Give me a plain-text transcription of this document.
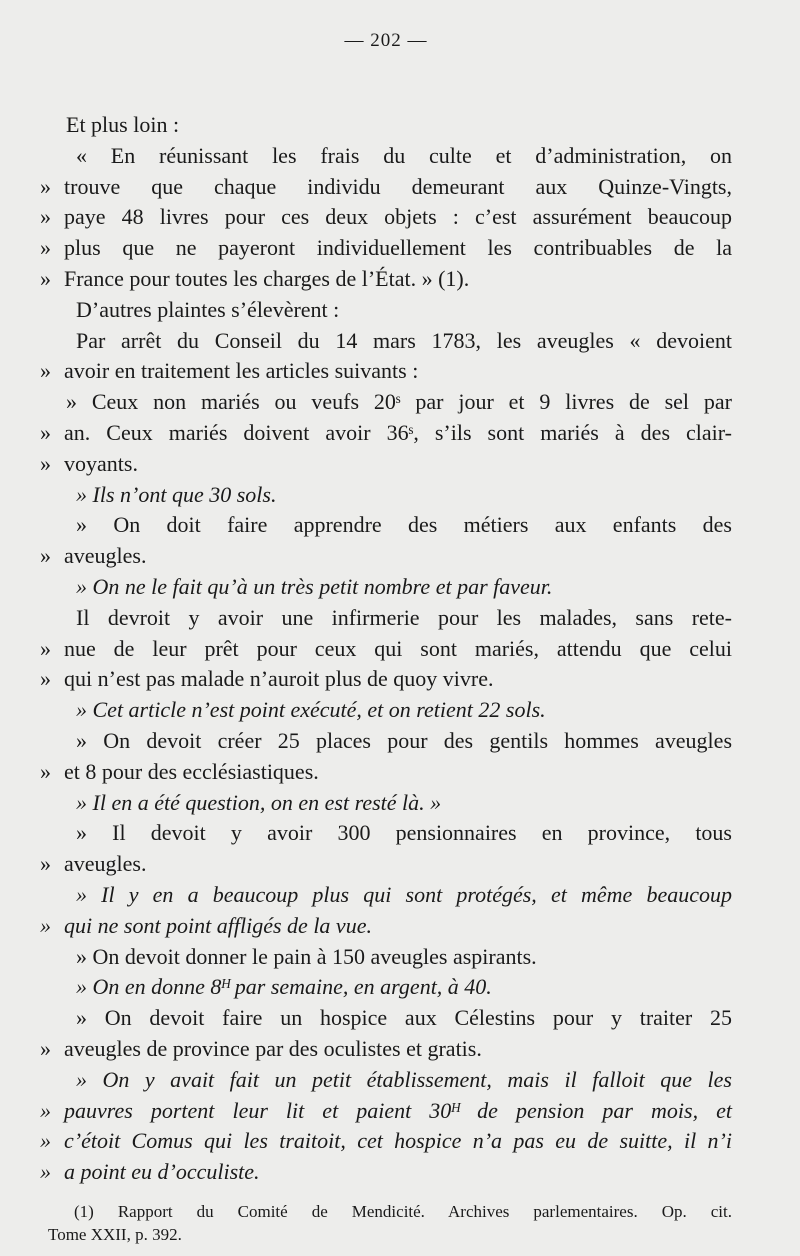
— 202 —
Et plus loin :
« En réunissant les frais du culte et d’administration, on
» trouve que chaque individu demeurant aux Quinze-Vingts,
» paye 48 livres pour ces deux objets : c’est assurément beaucoup
» plus que ne payeront individuellement les contribuables de la
» France pour toutes les charges de l’État. » (1).
D’autres plaintes s’élevèrent :
Par arrêt du Conseil du 14 mars 1783, les aveugles « devoient
» avoir en traitement les articles suivants :
» Ceux non mariés ou veufs 20ˢ par jour et 9 livres de sel par
» an. Ceux mariés doivent avoir 36ˢ, s’ils sont mariés à des clair-
» voyants.
» Ils n’ont que 30 sols.
» On doit faire apprendre des métiers aux enfants des
» aveugles.
» On ne le fait qu’à un très petit nombre et par faveur.
Il devroit y avoir une infirmerie pour les malades, sans rete-
» nue de leur prêt pour ceux qui sont mariés, attendu que celui
» qui n’est pas malade n’auroit plus de quoy vivre.
» Cet article n’est point exécuté, et on retient 22 sols.
» On devoit créer 25 places pour des gentils hommes aveugles
» et 8 pour des ecclésiastiques.
» Il en a été question, on en est resté là. »
» Il devoit y avoir 300 pensionnaires en province, tous
» aveugles.
» Il y en a beaucoup plus qui sont protégés, et même beaucoup
» qui ne sont point affligés de la vue.
» On devoit donner le pain à 150 aveugles aspirants.
» On en donne 8ᴴ par semaine, en argent, à 40.
» On devoit faire un hospice aux Célestins pour y traiter 25
» aveugles de province par des oculistes et gratis.
» On y avait fait un petit établissement, mais il falloit que les
» pauvres portent leur lit et paient 30ᴴ de pension par mois, et
» c’étoit Comus qui les traitoit, cet hospice n’a pas eu de suitte, il n’i
» a point eu d’occuliste.
(1) Rapport du Comité de Mendicité. Archives parlementaires. Op. cit.
Tome XXII, p. 392.
